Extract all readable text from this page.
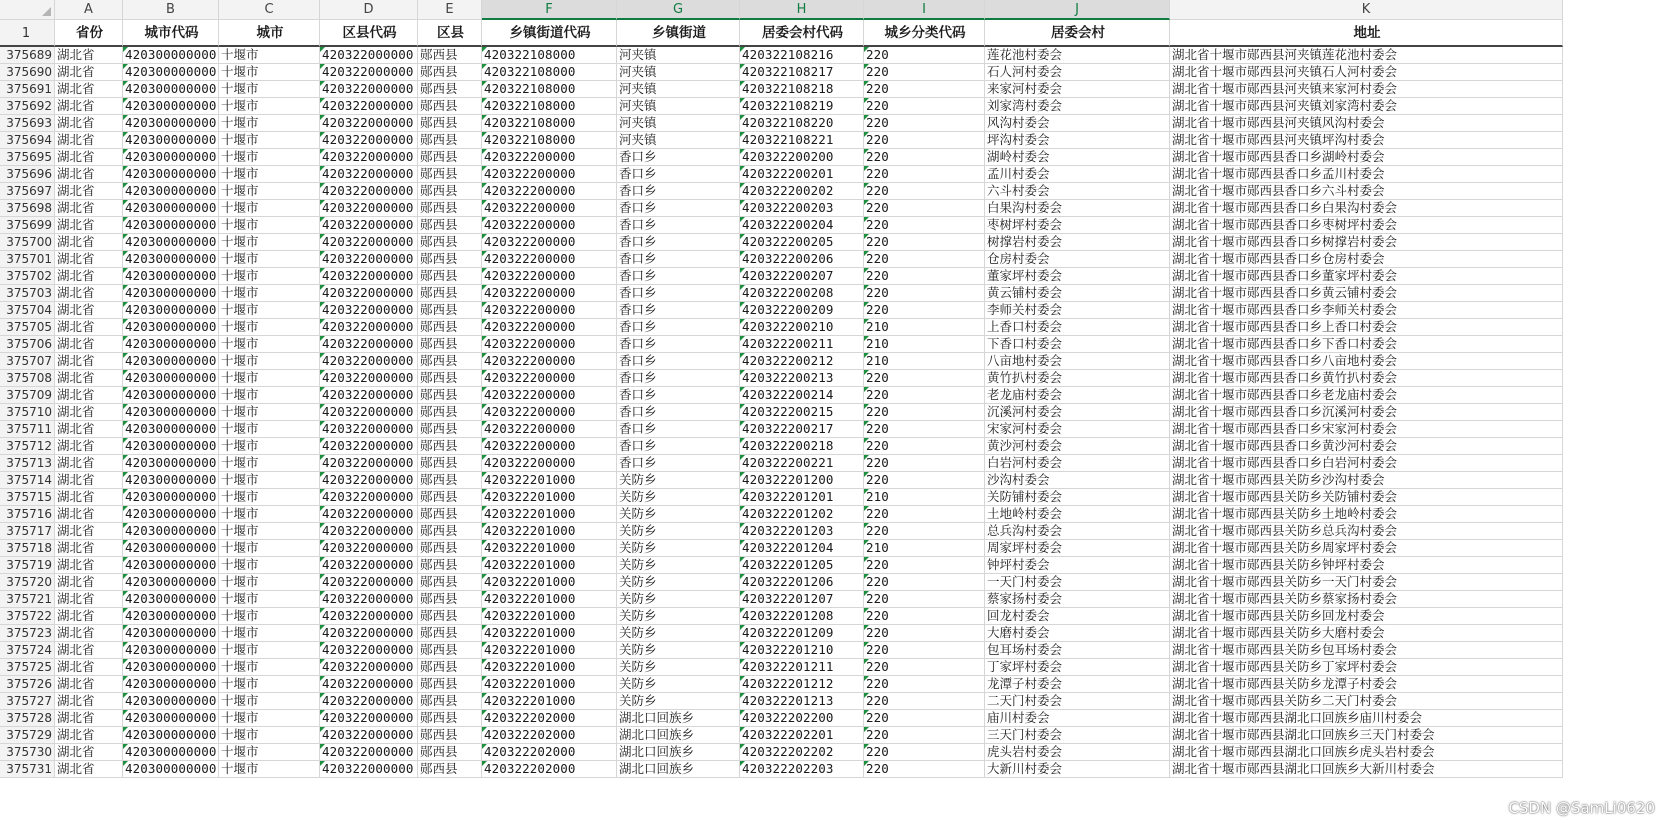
A	B	C	D	E	F	G	H	I	J	K
1	省份	城市代码	城市	区县代码	区县	乡镇街道代码	乡镇街道	居委会村代码	城乡分类代码	居委会村	地址
375689 湖北省	420300000000 十堰市	420322000000 郧西县	420322108000	河夹镇	420322108216	220	莲花池村委会	湖北省十堰市郧西县河夹镇莲花池村委会
375690 湖北省	420300000000 十堰市	420322000000 郧西县	420322108000	河夹镇	420322108217	220	石人河村委会	湖北省十堰市郧西县河夹镇石人河村委会
375691 湖北省	420300000000 十堰市	420322000000 郧西县	420322108000	河夹镇	420322108218	220	来家河村委会	湖北省十堰市郧西县河夹镇来家河村委会
375692 湖北省	420300000000 十堰市	420322000000 郧西县	420322108000	河夹镇	420322108219	220	刘家湾村委会	湖北省十堰市郧西县河夹镇刘家湾村委会
375693 湖北省	420300000000 十堰市	420322000000 郧西县	420322108000	河夹镇	420322108220	220	风沟村委会	湖北省十堰市郧西县河夹镇风沟村委会
375694 湖北省	420300000000 十堰市	420322000000 郧西县	420322108000	河夹镇	420322108221	220	坪沟村委会	湖北省十堰市郧西县河夹镇坪沟村委会
375695 湖北省	420300000000 十堰市	420322000000 郧西县	420322200000	香口乡	420322200200	220	湖岭村委会	湖北省十堰市郧西县香口乡湖岭村委会
375696 湖北省	420300000000 十堰市	420322000000 郧西县	420322200000	香口乡	420322200201	220	孟川村委会	湖北省十堰市郧西县香口乡孟川村委会
375697 湖北省	420300000000 十堰市	420322000000 郧西县	420322200000	香口乡	420322200202	220	六斗村委会	湖北省十堰市郧西县香口乡六斗村委会
375698 湖北省	420300000000 十堰市	420322000000 郧西县	420322200000	香口乡	420322200203	220	白果沟村委会	湖北省十堰市郧西县香口乡白果沟村委会
375699 湖北省	420300000000 十堰市	420322000000 郧西县	420322200000	香口乡	420322200204	220	枣树坪村委会	湖北省十堰市郧西县香口乡枣树坪村委会
375700 湖北省	420300000000 十堰市	420322000000 郧西县	420322200000	香口乡	420322200205	220	树撑岩村委会	湖北省十堰市郧西县香口乡树撑岩村委会
375701 湖北省	420300000000 十堰市	420322000000 郧西县	420322200000	香口乡	420322200206	220	仓房村委会	湖北省十堰市郧西县香口乡仓房村委会
375702 湖北省	420300000000 十堰市	420322000000 郧西县	420322200000	香口乡	420322200207	220	董家坪村委会	湖北省十堰市郧西县香口乡董家坪村委会
375703 湖北省	420300000000 十堰市	420322000000 郧西县	420322200000	香口乡	420322200208	220	黄云铺村委会	湖北省十堰市郧西县香口乡黄云铺村委会
375704 湖北省	420300000000 十堰市	420322000000 郧西县	420322200000	香口乡	420322200209	220	李师关村委会	湖北省十堰市郧西县香口乡李师关村委会
375705 湖北省	420300000000 十堰市	420322000000 郧西县	420322200000	香口乡	420322200210	210	上香口村委会	湖北省十堰市郧西县香口乡上香口村委会
375706 湖北省	420300000000 十堰市	420322000000 郧西县	420322200000	香口乡	420322200211	210	下香口村委会	湖北省十堰市郧西县香口乡下香口村委会
375707 湖北省	420300000000 十堰市	420322000000 郧西县	420322200000	香口乡	420322200212	210	八亩地村委会	湖北省十堰市郧西县香口乡八亩地村委会
375708 湖北省	420300000000 十堰市	420322000000 郧西县	420322200000	香口乡	420322200213	220	黄竹扒村委会	湖北省十堰市郧西县香口乡黄竹扒村委会
375709 湖北省	420300000000 十堰市	420322000000 郧西县	420322200000	香口乡	420322200214	220	老龙庙村委会	湖北省十堰市郧西县香口乡老龙庙村委会
375710 湖北省	420300000000 十堰市	420322000000 郧西县	420322200000	香口乡	420322200215	220	沉溪河村委会	湖北省十堰市郧西县香口乡沉溪河村委会
375711 湖北省	420300000000 十堰市	420322000000 郧西县	420322200000	香口乡	420322200217	220	宋家河村委会	湖北省十堰市郧西县香口乡宋家河村委会
375712 湖北省	420300000000 十堰市	420322000000 郧西县	420322200000	香口乡	420322200218	220	黄沙河村委会	湖北省十堰市郧西县香口乡黄沙河村委会
375713 湖北省	420300000000 十堰市	420322000000 郧西县	420322200000	香口乡	420322200221	220	白岩河村委会	湖北省十堰市郧西县香口乡白岩河村委会
375714 湖北省	420300000000 十堰市	420322000000 郧西县	420322201000	关防乡	420322201200	220	沙沟村委会	湖北省十堰市郧西县关防乡沙沟村委会
375715 湖北省	420300000000 十堰市	420322000000 郧西县	420322201000	关防乡	420322201201	210	关防铺村委会	湖北省十堰市郧西县关防乡关防铺村委会
375716 湖北省	420300000000 十堰市	420322000000 郧西县	420322201000	关防乡	420322201202	220	土地岭村委会	湖北省十堰市郧西县关防乡土地岭村委会
375717 湖北省	420300000000 十堰市	420322000000 郧西县	420322201000	关防乡	420322201203	220	总兵沟村委会	湖北省十堰市郧西县关防乡总兵沟村委会
375718 湖北省	420300000000 十堰市	420322000000 郧西县	420322201000	关防乡	420322201204	210	周家坪村委会	湖北省十堰市郧西县关防乡周家坪村委会
375719 湖北省	420300000000 十堰市	420322000000 郧西县	420322201000	关防乡	420322201205	220	钟坪村委会	湖北省十堰市郧西县关防乡钟坪村委会
375720 湖北省	420300000000 十堰市	420322000000 郧西县	420322201000	关防乡	420322201206	220	一天门村委会	湖北省十堰市郧西县关防乡一天门村委会
375721 湖北省	420300000000 十堰市	420322000000 郧西县	420322201000	关防乡	420322201207	220	蔡家扬村委会	湖北省十堰市郧西县关防乡蔡家扬村委会
375722 湖北省	420300000000 十堰市	420322000000 郧西县	420322201000	关防乡	420322201208	220	回龙村委会	湖北省十堰市郧西县关防乡回龙村委会
375723 湖北省	420300000000 十堰市	420322000000 郧西县	420322201000	关防乡	420322201209	220	大磨村委会	湖北省十堰市郧西县关防乡大磨村委会
375724 湖北省	420300000000 十堰市	420322000000 郧西县	420322201000	关防乡	420322201210	220	包耳场村委会	湖北省十堰市郧西县关防乡包耳场村委会
375725 湖北省	420300000000 十堰市	420322000000 郧西县	420322201000	关防乡	420322201211	220	丁家坪村委会	湖北省十堰市郧西县关防乡丁家坪村委会
375726 湖北省	420300000000 十堰市	420322000000 郧西县	420322201000	关防乡	420322201212	220	龙潭子村委会	湖北省十堰市郧西县关防乡龙潭子村委会
375727 湖北省	420300000000 十堰市	420322000000 郧西县	420322201000	关防乡	420322201213	220	二天门村委会	湖北省十堰市郧西县关防乡二天门村委会
375728 湖北省	420300000000 十堰市	420322000000 郧西县	420322202000	湖北口回族乡	420322202200	220	庙川村委会	湖北省十堰市郧西县湖北口回族乡庙川村委会
375729 湖北省	420300000000 十堰市	420322000000 郧西县	420322202000	湖北口回族乡	420322202201	220	三天门村委会	湖北省十堰市郧西县湖北口回族乡三天门村委会
375730 湖北省	420300000000 十堰市	420322000000 郧西县	420322202000	湖北口回族乡	420322202202	220	虎头岩村委会	湖北省十堰市郧西县湖北口回族乡虎头岩村委会
375731 湖北省	420300000000 十堰市	420322000000 郧西县	420322202000	湖北口回族乡	420322202203	220	大新川村委会	湖北省十堰市郧西县湖北口回族乡大新川村委会
CSDN @SamLi0620
